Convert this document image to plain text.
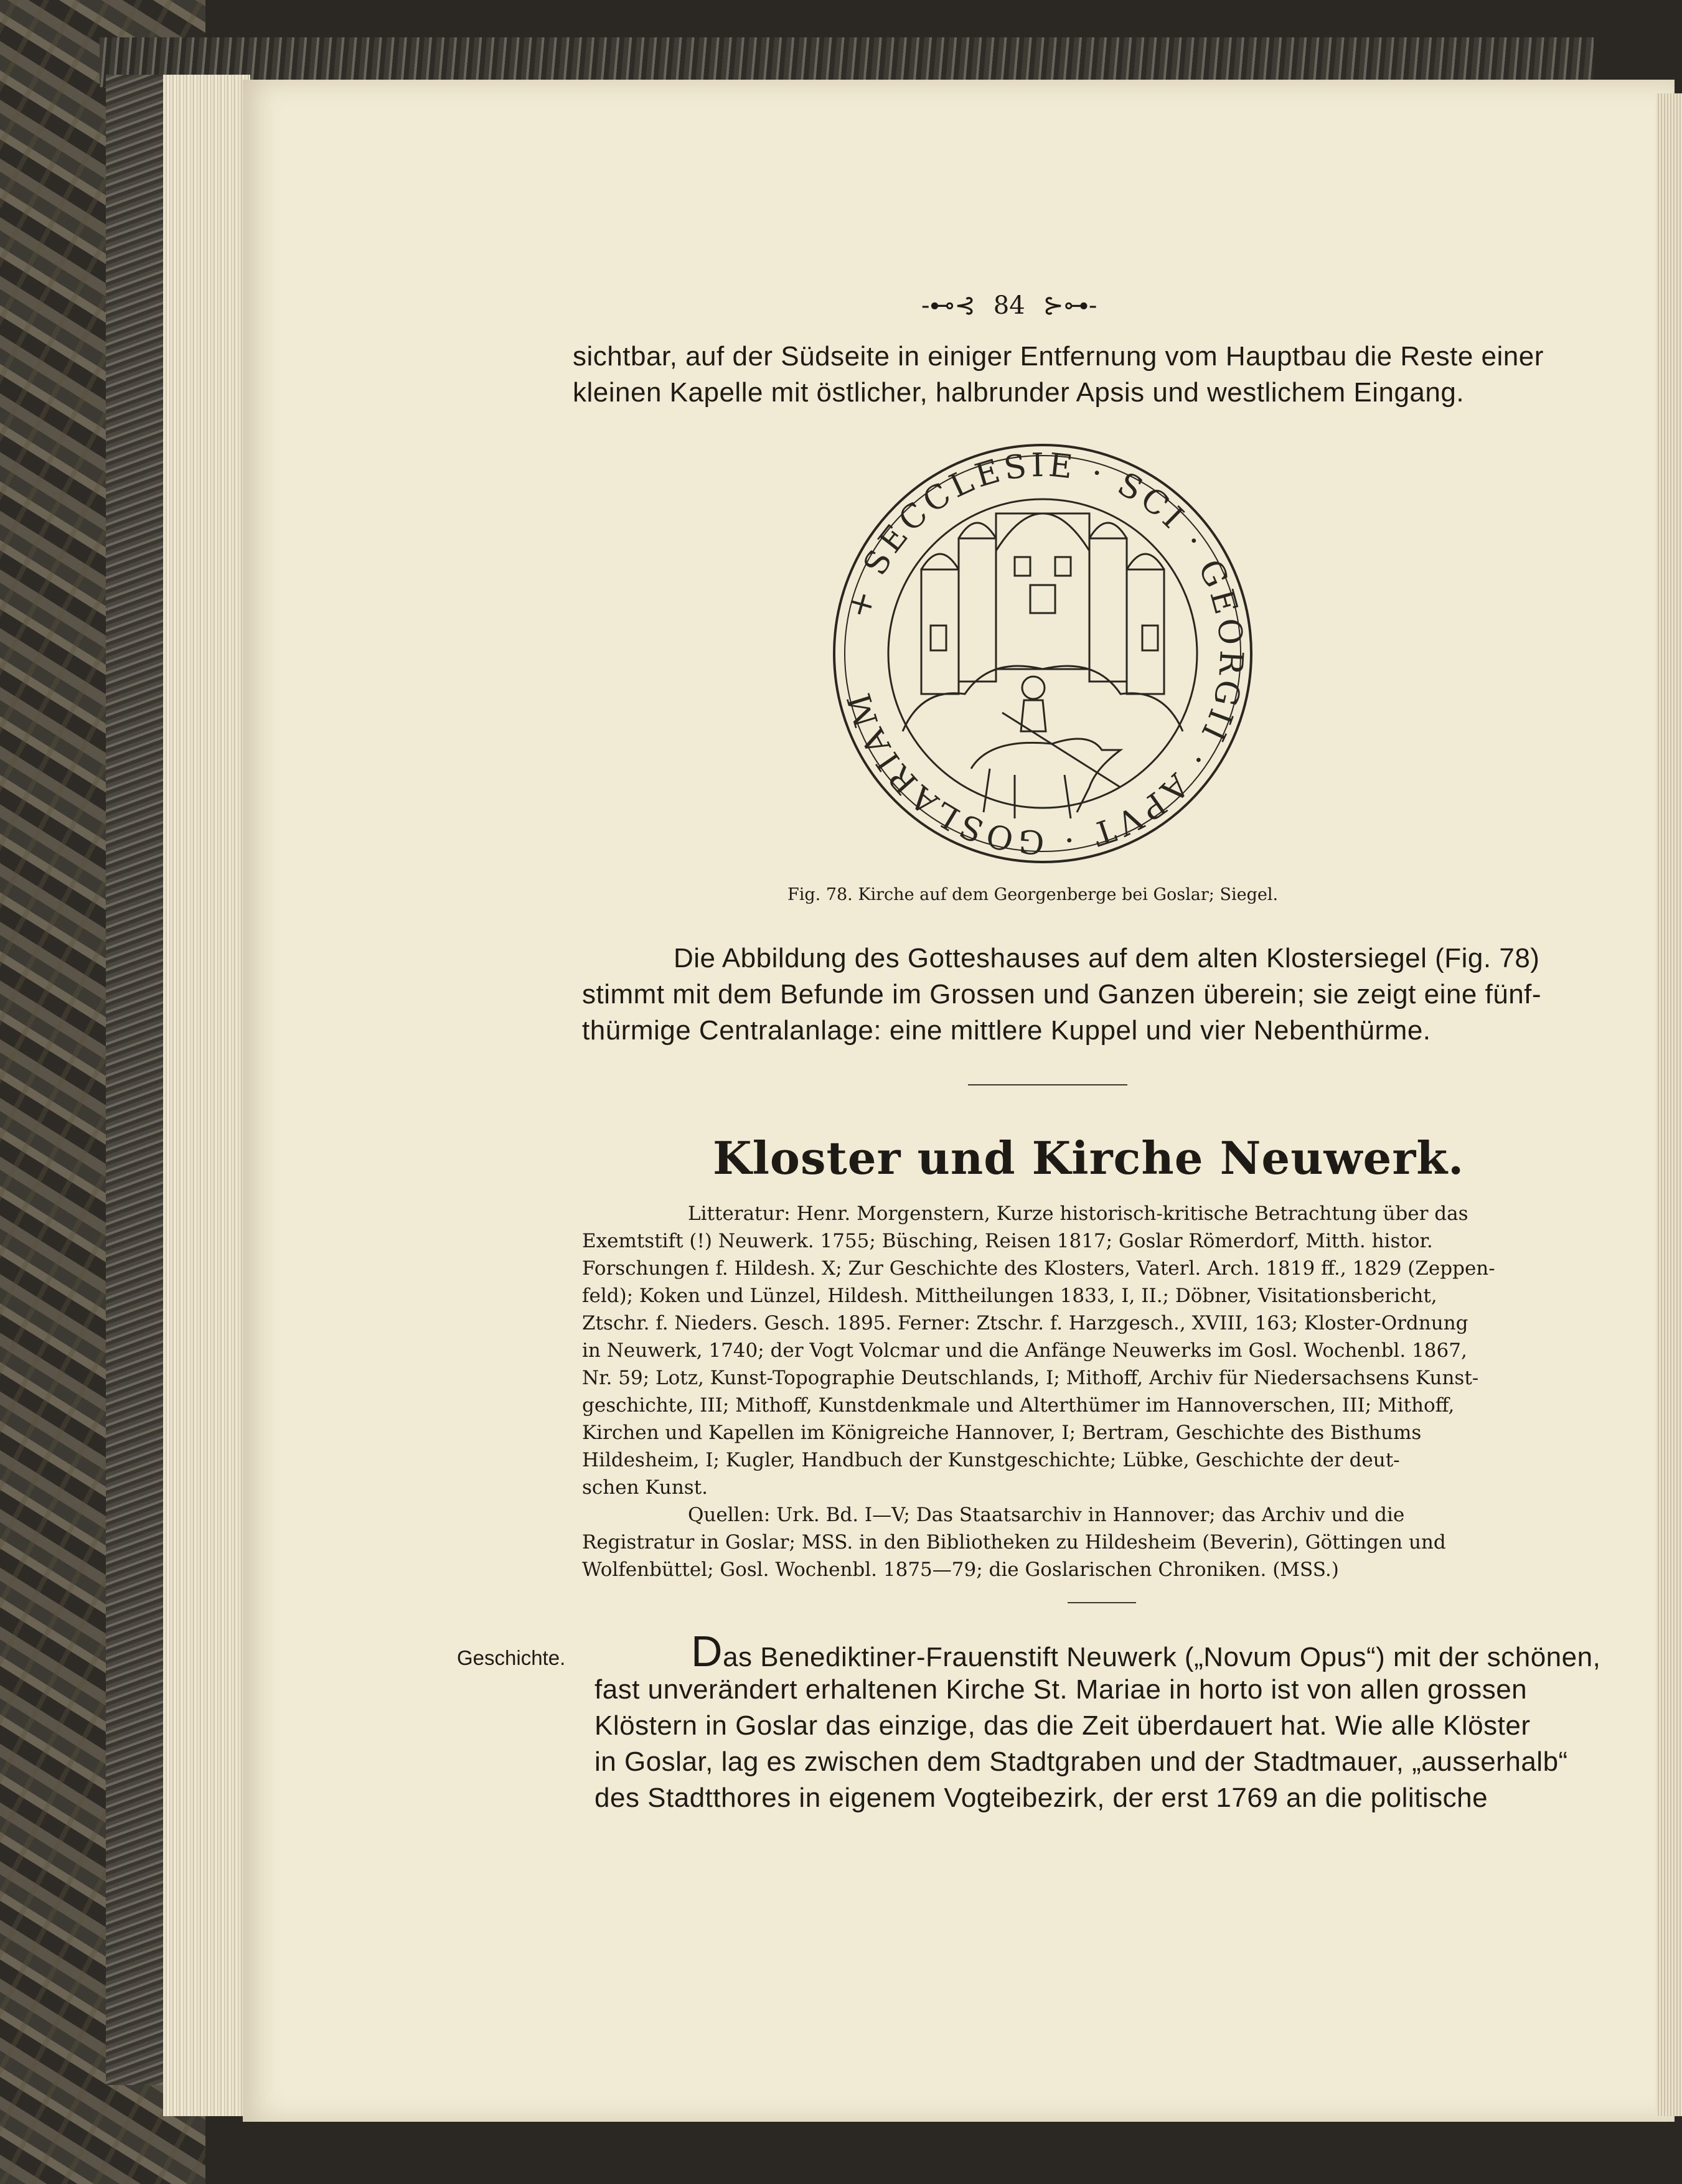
-⊷⊰ 84 ⊱⊶-
sichtbar, auf der Südseite in einiger Entfernung vom Hauptbau die Reste einer
kleinen Kapelle mit östlicher, halbrunder Apsis und westlichem Eingang.
+ SECCLESIE · SCI · GEORGII · APVT · GOSLARIAM
Fig. 78. Kirche auf dem Georgenberge bei Goslar; Siegel.
Die Abbildung des Gotteshauses auf dem alten Klostersiegel (Fig. 78)
stimmt mit dem Befunde im Grossen und Ganzen überein; sie zeigt eine fünf-
thürmige Centralanlage: eine mittlere Kuppel und vier Nebenthürme.
Kloster und Kirche Neuwerk.
Litteratur: Henr. Morgenstern, Kurze historisch-kritische Betrachtung über das
Exemtstift (!) Neuwerk. 1755; Büsching, Reisen 1817; Goslar Römerdorf, Mitth. histor.
Forschungen f. Hildesh. X; Zur Geschichte des Klosters, Vaterl. Arch. 1819 ff., 1829 (Zeppen-
feld); Koken und Lünzel, Hildesh. Mittheilungen 1833, I, II.; Döbner, Visitationsbericht,
Ztschr. f. Nieders. Gesch. 1895. Ferner: Ztschr. f. Harzgesch., XVIII, 163; Kloster-Ordnung
in Neuwerk, 1740; der Vogt Volcmar und die Anfänge Neuwerks im Gosl. Wochenbl. 1867,
Nr. 59; Lotz, Kunst-Topographie Deutschlands, I; Mithoff, Archiv für Niedersachsens Kunst-
geschichte, III; Mithoff, Kunstdenkmale und Alterthümer im Hannoverschen, III; Mithoff,
Kirchen und Kapellen im Königreiche Hannover, I; Bertram, Geschichte des Bisthums
Hildesheim, I; Kugler, Handbuch der Kunstgeschichte; Lübke, Geschichte der deut-
schen Kunst.
Quellen: Urk. Bd. I—V; Das Staatsarchiv in Hannover; das Archiv und die
Registratur in Goslar; MSS. in den Bibliotheken zu Hildesheim (Beverin), Göttingen und
Wolfenbüttel; Gosl. Wochenbl. 1875—79; die Goslarischen Chroniken. (MSS.)
Geschichte.	Das Benediktiner-Frauenstift Neuwerk („Novum Opus“) mit der schönen,
fast unverändert erhaltenen Kirche St. Mariae in horto ist von allen grossen
Klöstern in Goslar das einzige, das die Zeit überdauert hat. Wie alle Klöster
in Goslar, lag es zwischen dem Stadtgraben und der Stadtmauer, „ausserhalb“
des Stadtthores in eigenem Vogteibezirk, der erst 1769 an die politische
